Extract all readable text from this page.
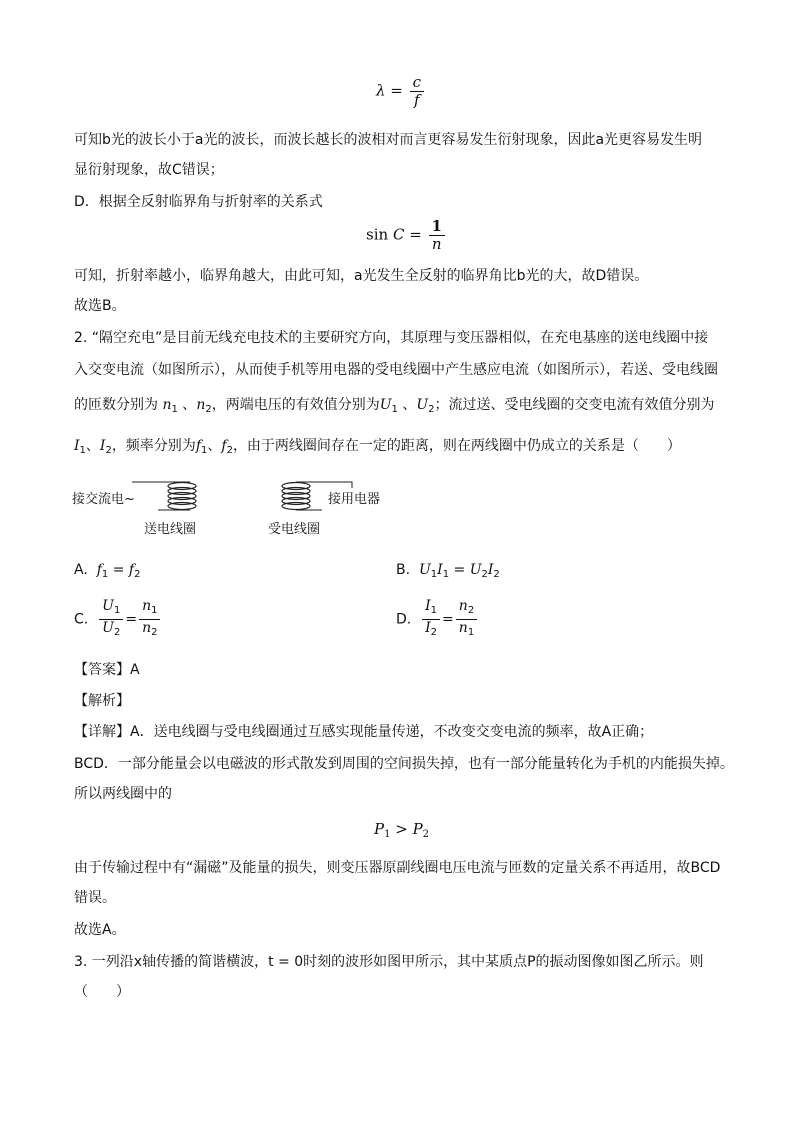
$\lambda = \frac{c}{f}$
可知b光的波长小于a光的波长，而波长越长的波相对而言更容易发生衍射现象，因此a光更容易发生明
显衍射现象，故C错误；
D．根据全反射临界角与折射率的关系式
$\sin C = \frac{1}{n}$
可知，折射率越小，临界角越大，由此可知，a光发生全反射的临界角比b光的大，故D错误。
故选B。
2. “隔空充电”是目前无线充电技术的主要研究方向，其原理与变压器相似，在充电基座的送电线圈中接
入交变电流（如图所示），从而使手机等用电器的受电线圈中产生感应电流（如图所示），若送、受电线圈
的匝数分别为 $n_1$ 、$n_2$，两端电压的有效值分别为$U_1$ 、$U_2$；流过送、受电线圈的交变电流有效值分别为
$I_1$、$I_2$，频率分别为$f_1$、$f_2$，由于两线圈间存在一定的距离，则在两线圈中仍成立的关系是（　　）
接交流电~
送电线圈
接用电器
受电线圈
A. $f_1 = f_2$	B. $U_1I_1 = U_2I_2$
C. $\frac{U_1}{U_2} = \frac{n_1}{n_2}$	D. $\frac{I_1}{I_2} = \frac{n_2}{n_1}$
【答案】A
【解析】
【详解】A．送电线圈与受电线圈通过互感实现能量传递，不改变交变电流的频率，故A正确；
BCD．一部分能量会以电磁波的形式散发到周围的空间损失掉，也有一部分能量转化为手机的内能损失掉。
所以两线圈中的
$P_1 > P_2$
由于传输过程中有“漏磁”及能量的损失，则变压器原副线圈电压电流与匝数的定量关系不再适用，故BCD
错误。
故选A。
3. 一列沿x轴传播的简谐横波，t = 0时刻的波形如图甲所示，其中某质点P的振动图像如图乙所示。则
（　　）
